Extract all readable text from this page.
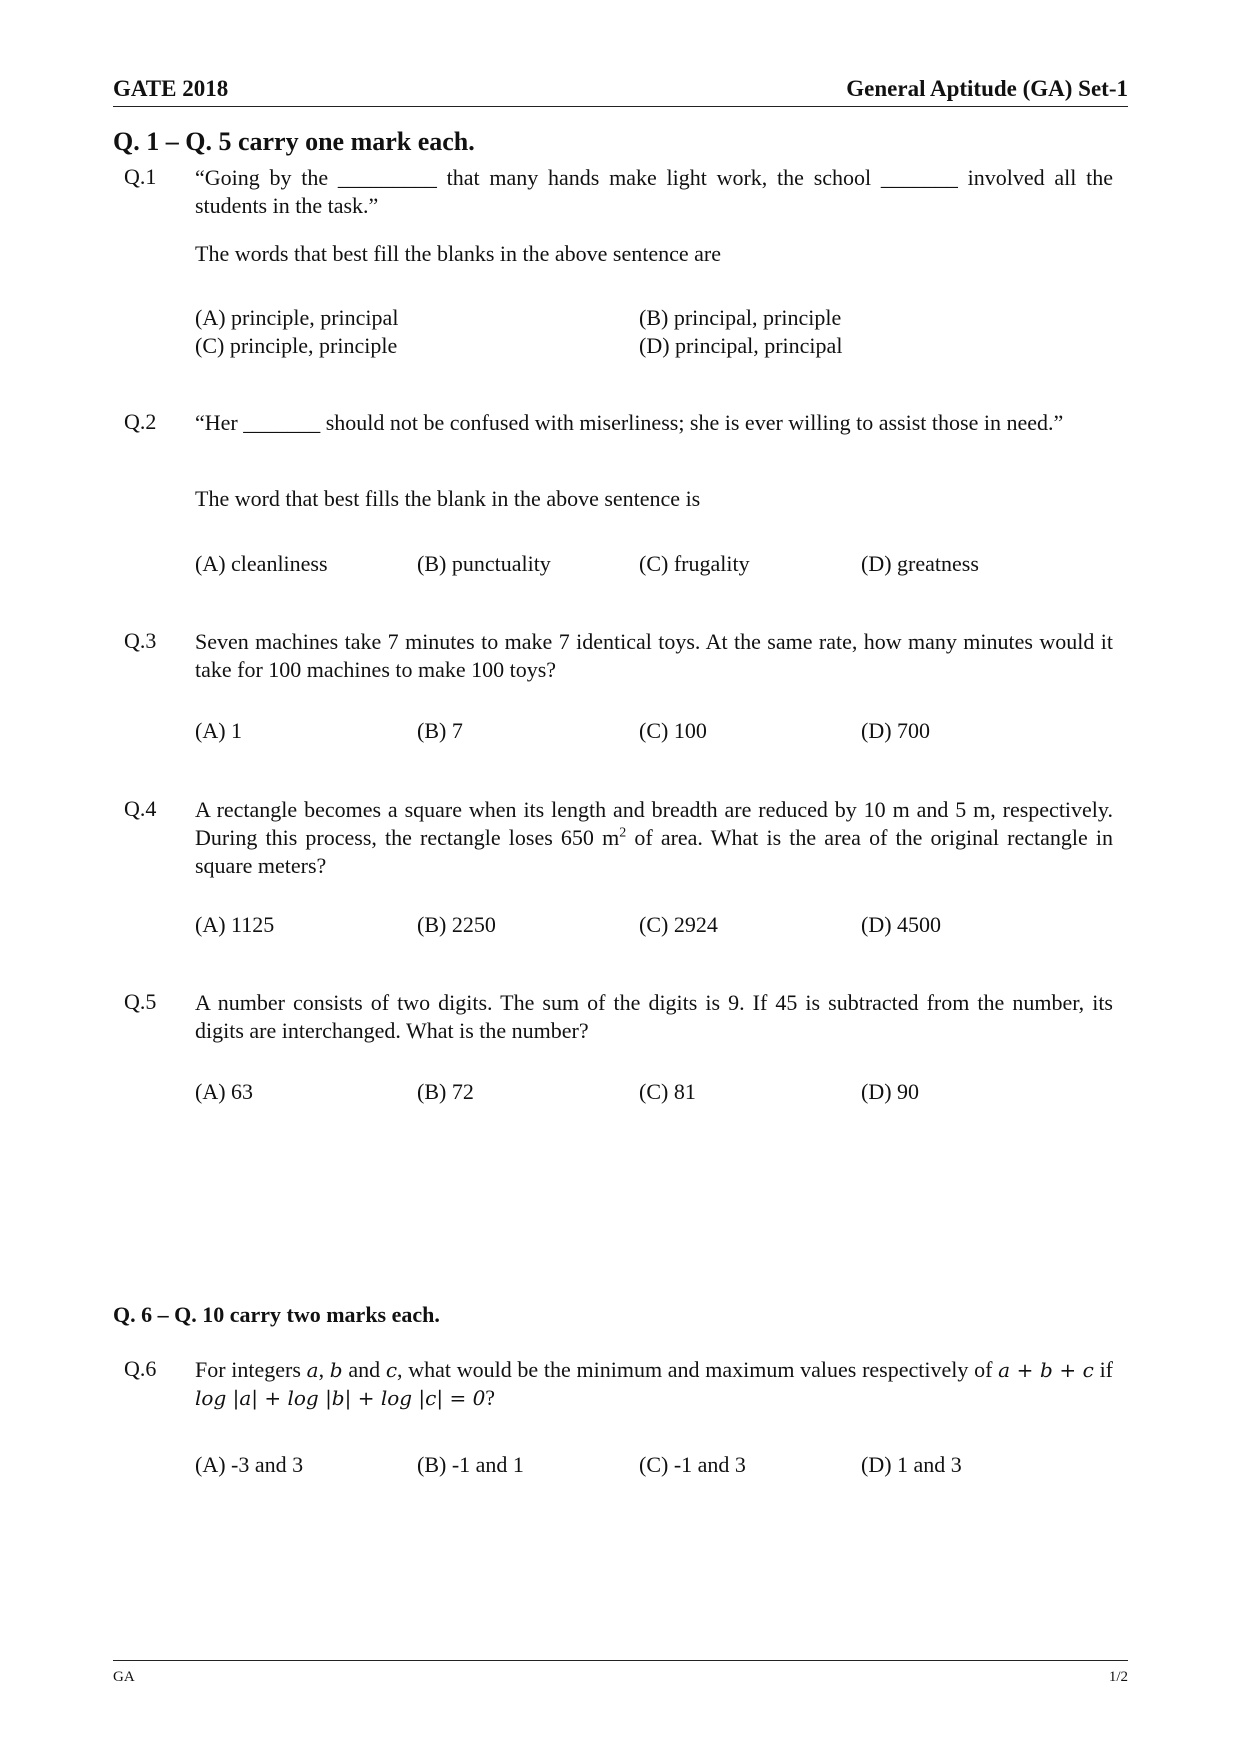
GATE 2018	General Aptitude (GA) Set-1
Q. 1 – Q. 5 carry one mark each.
Q.1 “Going by the _________ that many hands make light work, the school _______ involved all the students in the task.”
The words that best fill the blanks in the above sentence are
(A) principle, principal	(B) principal, principle
(C) principle, principle	(D) principal, principal
Q.2 “Her _______ should not be confused with miserliness; she is ever willing to assist those in need.”
The word that best fills the blank in the above sentence is
(A) cleanliness	(B) punctuality	(C) frugality	(D) greatness
Q.3 Seven machines take 7 minutes to make 7 identical toys. At the same rate, how many minutes would it take for 100 machines to make 100 toys?
(A) 1	(B) 7	(C) 100	(D) 700
Q.4 A rectangle becomes a square when its length and breadth are reduced by 10 m and 5 m, respectively. During this process, the rectangle loses 650 $m^2$ of area. What is the area of the original rectangle in square meters?
(A) 1125	(B) 2250	(C) 2924	(D) 4500
Q.5 A number consists of two digits. The sum of the digits is 9. If 45 is subtracted from the number, its digits are interchanged. What is the number?
(A) 63	(B) 72	(C) 81	(D) 90
Q. 6 – Q. 10 carry two marks each.
Q.6 For integers a, b and c, what would be the minimum and maximum values respectively of a + b + c if log |a| + log |b| + log |c| = 0?
(A) -3 and 3	(B) -1 and 1	(C) -1 and 3	(D) 1 and 3
GA	1/2
